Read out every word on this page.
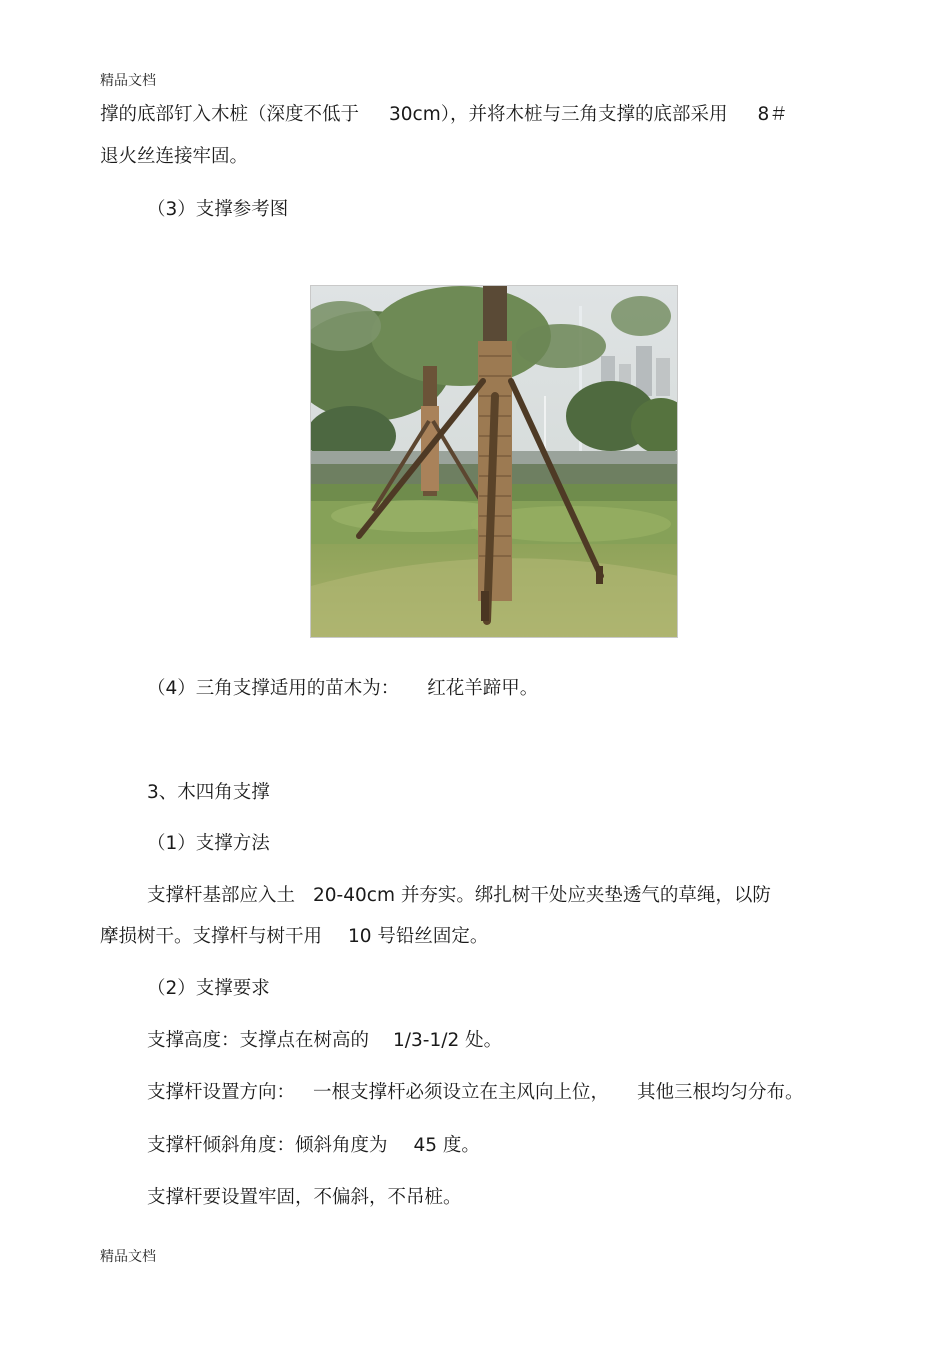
精品文档
撑的底部钉入木桩（深度不低于 30cm），并将木桩与三角支撑的底部采用 8＃
退火丝连接牢固。
（3）支撑参考图
（4）三角支撑适用的苗木为： 红花羊蹄甲。
3、木四角支撑
（1）支撑方法
支撑杆基部应入土 20-40cm 并夯实。绑扎树干处应夹垫透气的草绳，以防
摩损树干。支撑杆与树干用 10 号铅丝固定。
（2）支撑要求
支撑高度：支撑点在树高的 1/3-1/2 处。
支撑杆设置方向： 一根支撑杆必须设立在主风向上位， 其他三根均匀分布。
支撑杆倾斜角度：倾斜角度为 45 度。
支撑杆要设置牢固，不偏斜，不吊桩。
精品文档
